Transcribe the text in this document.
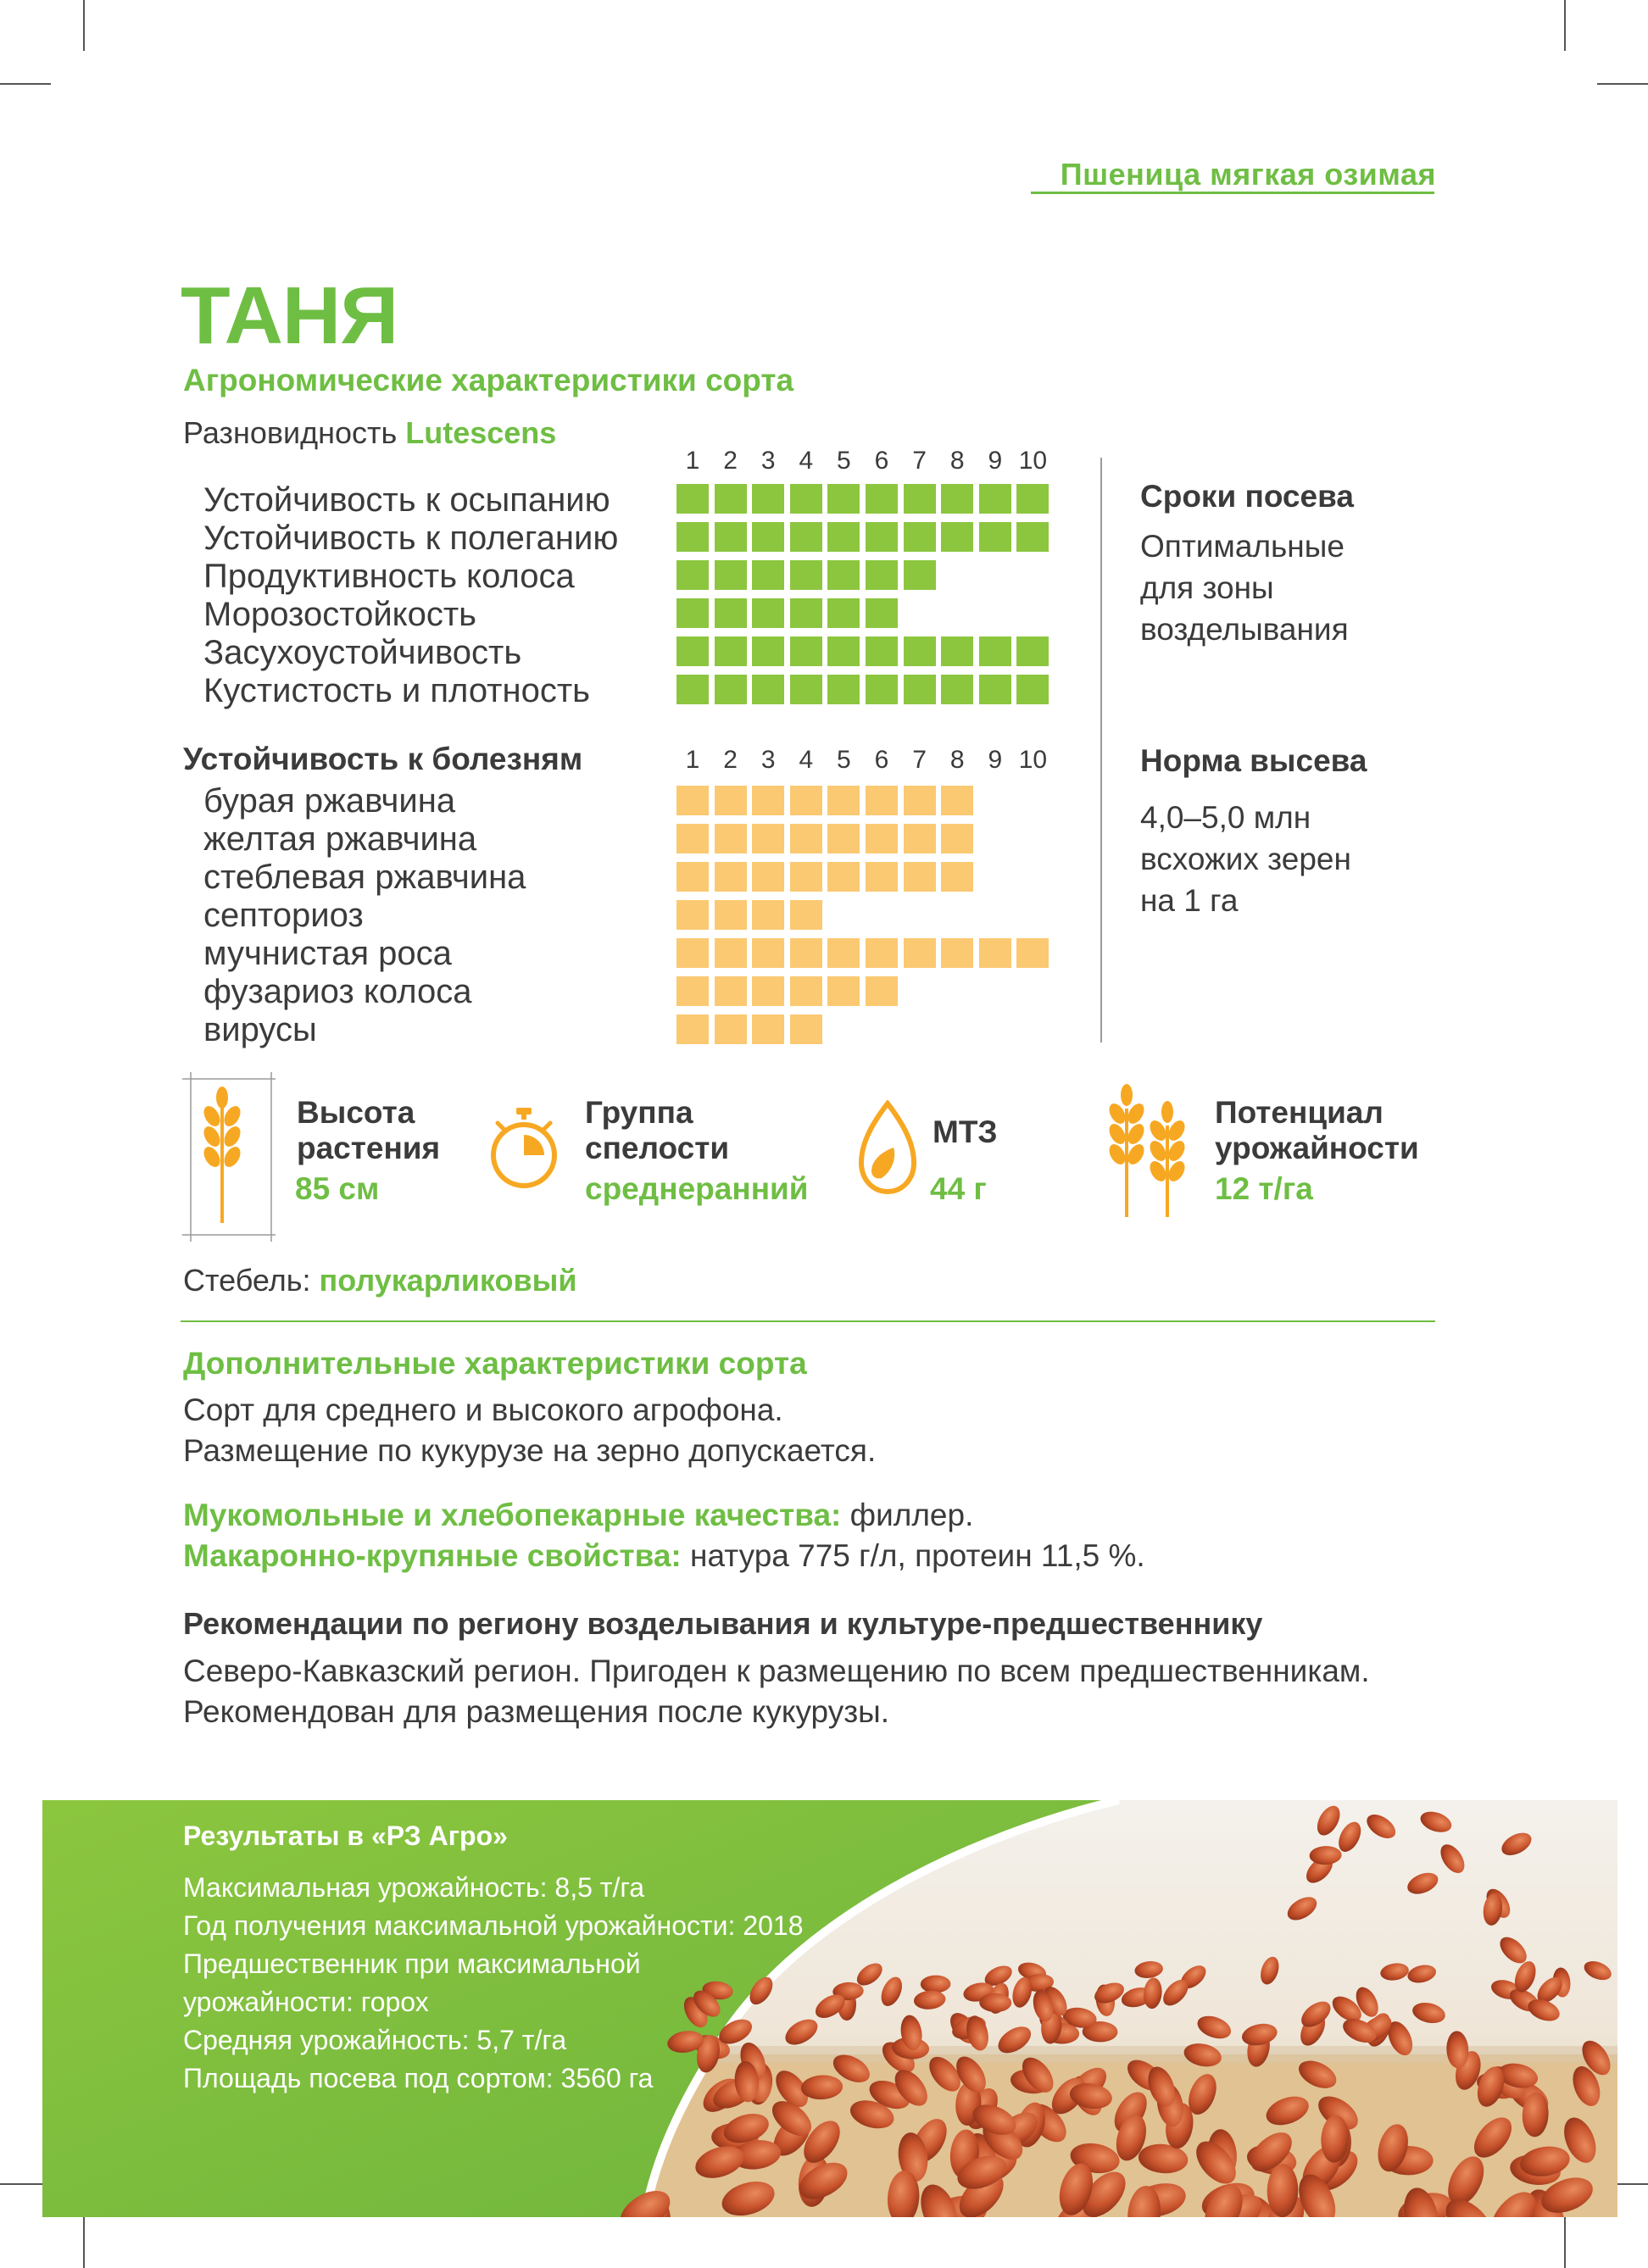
Пшеница мягкая озимая
ТАНЯ
Агрономические характеристики сорта
Разновидность Lutescens
1 2 3 4 5 6 7 8 9 10
Устойчивость к осыпанию
Устойчивость к полеганию
Продуктивность колоса
Морозостойкость
Засухоустойчивость
Кустистость и плотность
Устойчивость к болезням	1 2 3 4 5 6 7 8 9 10
бурая ржавчина
желтая ржавчина
стеблевая ржавчина
септориоз
мучнистая роса
фузариоз колоса
вирусы
Сроки посева
Оптимальные
для зоны
возделывания
Норма высева
4,0–5,0 млн
всхожих зерен
на 1 га
Высота
растения
85 см
Группа
спелости
среднеранний
МТЗ
44 г
Потенциал
урожайности
12 т/га
Стебель: полукарликовый
Дополнительные характеристики сорта
Сорт для среднего и высокого агрофона.
Размещение по кукурузе на зерно допускается.
Мукомольные и хлебопекарные качества: филлер.
Макаронно-крупяные свойства: натура 775 г/л, протеин 11,5 %.
Рекомендации по региону возделывания и культуре-предшественнику
Северо-Кавказский регион. Пригоден к размещению по всем предшественникам.
Рекомендован для размещения после кукурузы.
Результаты в «РЗ Агро»
Максимальная урожайность: 8,5 т/га
Год получения максимальной урожайности: 2018
Предшественник при максимальной
урожайности: горох
Средняя урожайность: 5,7 т/га
Площадь посева под сортом: 3560 га
